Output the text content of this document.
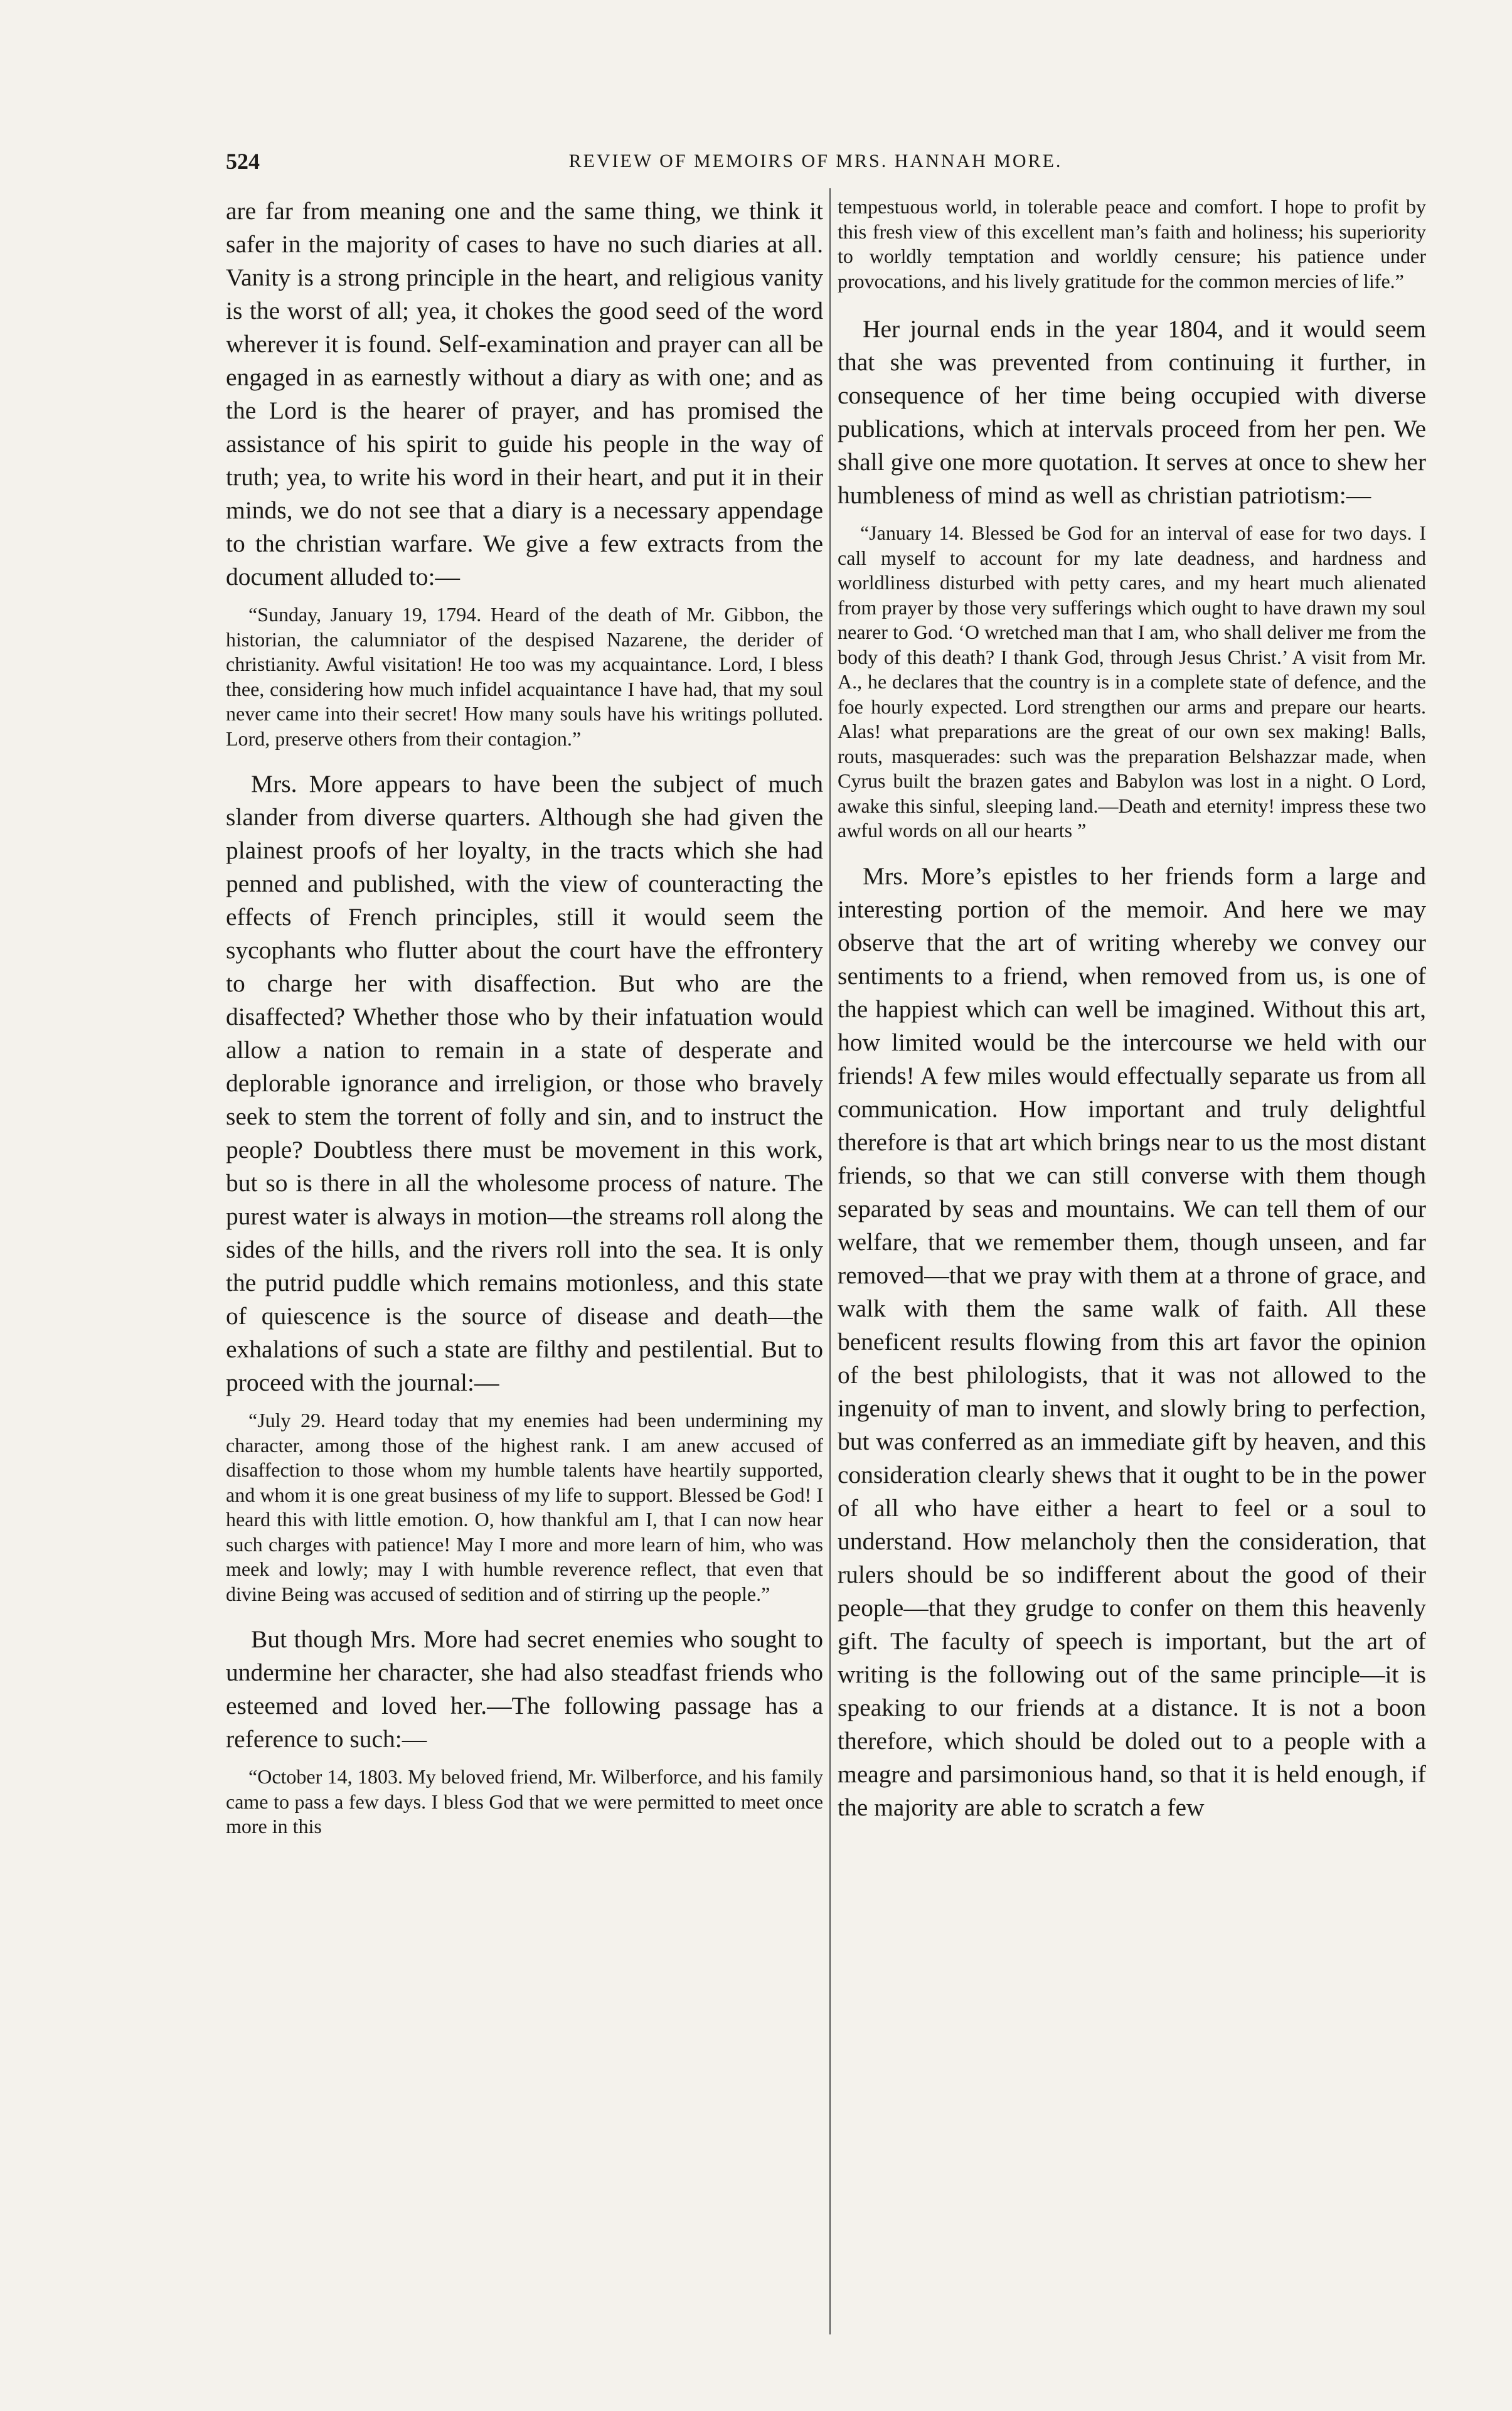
524	REVIEW OF MEMOIRS OF MRS. HANNAH MORE.

are far from meaning one and the same thing, we think it safer in the majority of cases to have no such diaries at all. Vanity is a strong principle in the heart, and religious vanity is the worst of all; yea, it chokes the good seed of the word wherever it is found. Self-examination and prayer can all be engaged in as earnestly without a diary as with one; and as the Lord is the hearer of prayer, and has promised the assistance of his spirit to guide his people in the way of truth; yea, to write his word in their heart, and put it in their minds, we do not see that a diary is a necessary appendage to the christian warfare. We give a few extracts from the document alluded to:—

“Sunday, January 19, 1794. Heard of the death of Mr. Gibbon, the historian, the calumniator of the despised Nazarene, the derider of christianity. Awful visitation! He too was my acquaintance. Lord, I bless thee, considering how much infidel acquaintance I have had, that my soul never came into their secret! How many souls have his writings polluted. Lord, preserve others from their contagion.”

Mrs. More appears to have been the subject of much slander from diverse quarters. Although she had given the plainest proofs of her loyalty, in the tracts which she had penned and published, with the view of counteracting the effects of French principles, still it would seem the sycophants who flutter about the court have the effrontery to charge her with disaffection. But who are the disaffected? Whether those who by their infatuation would allow a nation to remain in a state of desperate and deplorable ignorance and irreligion, or those who bravely seek to stem the torrent of folly and sin, and to instruct the people? Doubtless there must be movement in this work, but so is there in all the wholesome process of nature. The purest water is always in motion—the streams roll along the sides of the hills, and the rivers roll into the sea. It is only the putrid puddle which remains motionless, and this state of quiescence is the source of disease and death—the exhalations of such a state are filthy and pestilential. But to proceed with the journal:—

“July 29. Heard today that my enemies had been undermining my character, among those of the highest rank. I am anew accused of disaffection to those whom my humble talents have heartily supported, and whom it is one great business of my life to support. Blessed be God! I heard this with little emotion. O, how thankful am I, that I can now hear such charges with patience! May I more and more learn of him, who was meek and lowly; may I with humble reverence reflect, that even that divine Being was accused of sedition and of stirring up the people.”

But though Mrs. More had secret enemies who sought to undermine her character, she had also steadfast friends who esteemed and loved her.—The following passage has a reference to such:—

“October 14, 1803. My beloved friend, Mr. Wilberforce, and his family came to pass a few days. I bless God that we were permitted to meet once more in this

tempestuous world, in tolerable peace and comfort. I hope to profit by this fresh view of this excellent man’s faith and holiness; his superiority to worldly temptation and worldly censure; his patience under provocations, and his lively gratitude for the common mercies of life.”

Her journal ends in the year 1804, and it would seem that she was prevented from continuing it further, in consequence of her time being occupied with diverse publications, which at intervals proceed from her pen. We shall give one more quotation. It serves at once to shew her humbleness of mind as well as christian patriotism:—

“January 14. Blessed be God for an interval of ease for two days. I call myself to account for my late deadness, and hardness and worldliness disturbed with petty cares, and my heart much alienated from prayer by those very sufferings which ought to have drawn my soul nearer to God. ‘O wretched man that I am, who shall deliver me from the body of this death? I thank God, through Jesus Christ.’ A visit from Mr. A., he declares that the country is in a complete state of defence, and the foe hourly expected. Lord strengthen our arms and prepare our hearts. Alas! what preparations are the great of our own sex making! Balls, routs, masquerades: such was the preparation Belshazzar made, when Cyrus built the brazen gates and Babylon was lost in a night. O Lord, awake this sinful, sleeping land.—Death and eternity! impress these two awful words on all our hearts ”

Mrs. More’s epistles to her friends form a large and interesting portion of the memoir. And here we may observe that the art of writing whereby we convey our sentiments to a friend, when removed from us, is one of the happiest which can well be imagined. Without this art, how limited would be the intercourse we held with our friends! A few miles would effectually separate us from all communication. How important and truly delightful therefore is that art which brings near to us the most distant friends, so that we can still converse with them though separated by seas and mountains. We can tell them of our welfare, that we remember them, though unseen, and far removed—that we pray with them at a throne of grace, and walk with them the same walk of faith. All these beneficent results flowing from this art favor the opinion of the best philologists, that it was not allowed to the ingenuity of man to invent, and slowly bring to perfection, but was conferred as an immediate gift by heaven, and this consideration clearly shews that it ought to be in the power of all who have either a heart to feel or a soul to understand. How melancholy then the consideration, that rulers should be so indifferent about the good of their people—that they grudge to confer on them this heavenly gift. The faculty of speech is important, but the art of writing is the following out of the same principle—it is speaking to our friends at a distance. It is not a boon therefore, which should be doled out to a people with a meagre and parsimonious hand, so that it is held enough, if the majority are able to scratch a few
